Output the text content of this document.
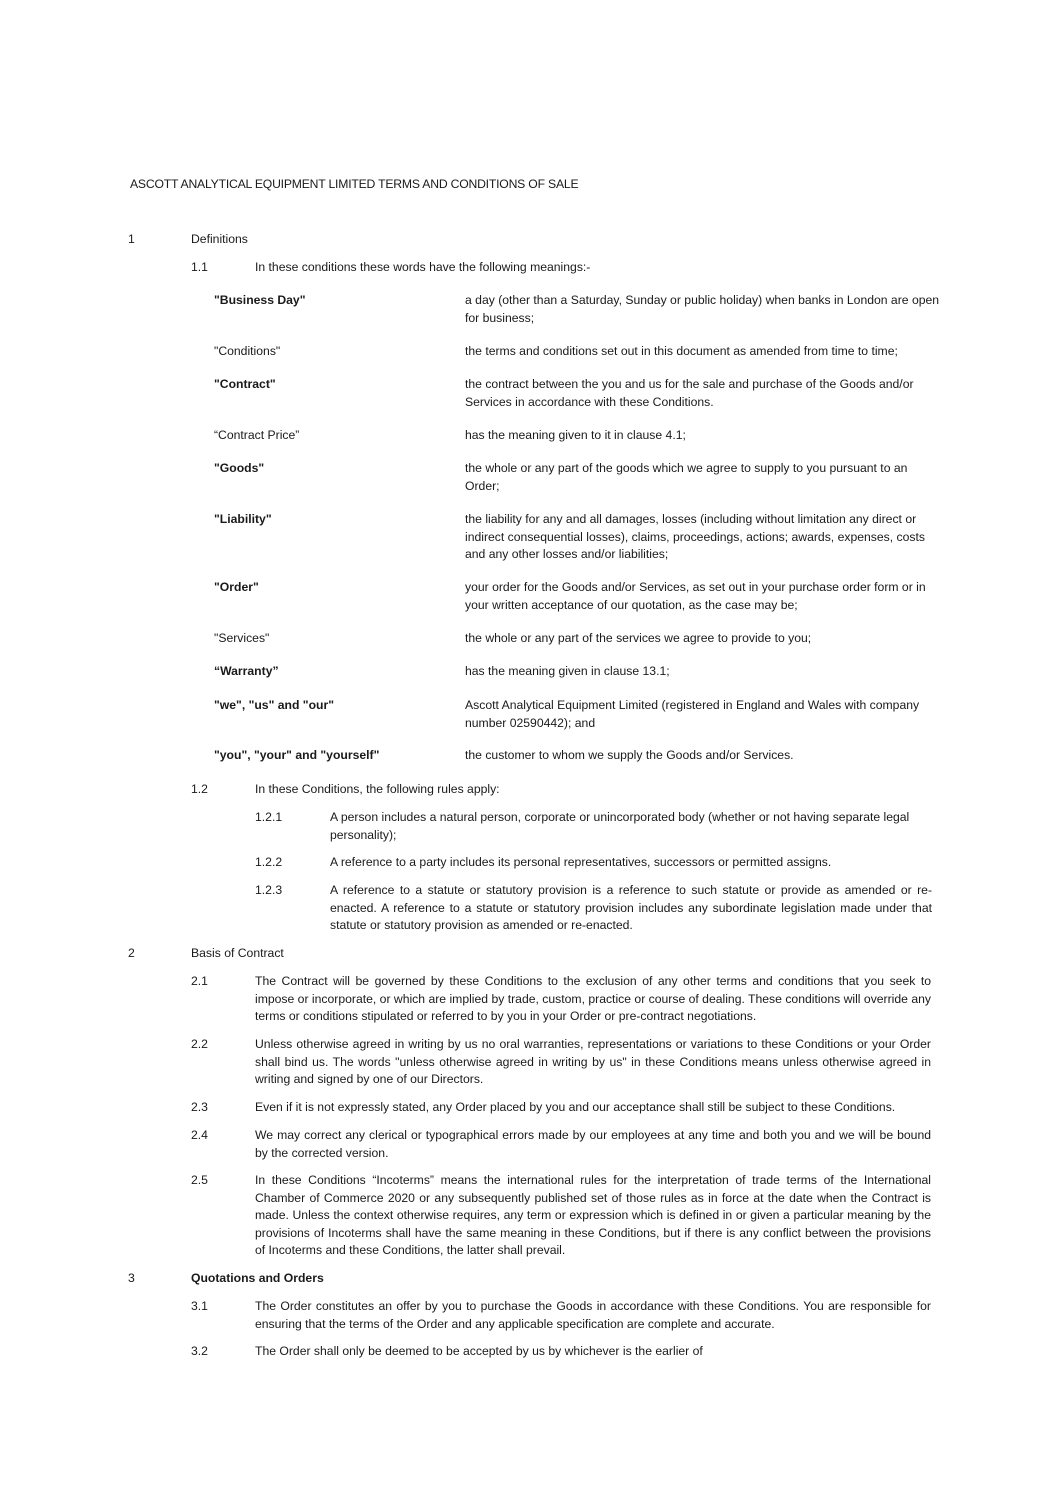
ASCOTT ANALYTICAL EQUIPMENT LIMITED TERMS AND CONDITIONS OF SALE
1	Definitions
1.1	In these conditions these words have the following meanings:-
"Business Day"	a day (other than a Saturday, Sunday or public holiday) when banks in London are open for business;
"Conditions"	the terms and conditions set out in this document as amended from time to time;
"Contract"	the contract between the you and us for the sale and purchase of the Goods and/or Services in accordance with these Conditions.
“Contract Price”	has the meaning given to it in clause 4.1;
"Goods"	the whole or any part of the goods which we agree to supply to you pursuant to an Order;
"Liability"	the liability for any and all damages, losses (including without limitation any direct or indirect consequential losses), claims, proceedings, actions; awards, expenses, costs and any other losses and/or liabilities;
"Order"	your order for the Goods and/or Services, as set out in your purchase order form or in your written acceptance of our quotation, as the case may be;
"Services"	the whole or any part of the services we agree to provide to you;
“Warranty”	has the meaning given in clause 13.1;
"we", "us" and "our"	Ascott Analytical Equipment Limited (registered in England and Wales with company number 02590442); and
"you", "your" and "yourself"	the customer to whom we supply the Goods and/or Services.
1.2	In these Conditions, the following rules apply:
1.2.1	A person includes a natural person, corporate or unincorporated body (whether or not having separate legal personality);
1.2.2	A reference to a party includes its personal representatives, successors or permitted assigns.
1.2.3	A reference to a statute or statutory provision is a reference to such statute or provide as amended or re-enacted. A reference to a statute or statutory provision includes any subordinate legislation made under that statute or statutory provision as amended or re-enacted.
2	Basis of Contract
2.1	The Contract will be governed by these Conditions to the exclusion of any other terms and conditions that you seek to impose or incorporate, or which are implied by trade, custom, practice or course of dealing. These conditions will override any terms or conditions stipulated or referred to by you in your Order or pre-contract negotiations.
2.2	Unless otherwise agreed in writing by us no oral warranties, representations or variations to these Conditions or your Order shall bind us. The words "unless otherwise agreed in writing by us" in these Conditions means unless otherwise agreed in writing and signed by one of our Directors.
2.3	Even if it is not expressly stated, any Order placed by you and our acceptance shall still be subject to these Conditions.
2.4	We may correct any clerical or typographical errors made by our employees at any time and both you and we will be bound by the corrected version.
2.5	In these Conditions “Incoterms” means the international rules for the interpretation of trade terms of the International Chamber of Commerce 2020 or any subsequently published set of those rules as in force at the date when the Contract is made. Unless the context otherwise requires, any term or expression which is defined in or given a particular meaning by the provisions of Incoterms shall have the same meaning in these Conditions, but if there is any conflict between the provisions of Incoterms and these Conditions, the latter shall prevail.
3	Quotations and Orders
3.1	The Order constitutes an offer by you to purchase the Goods in accordance with these Conditions. You are responsible for ensuring that the terms of the Order and any applicable specification are complete and accurate.
3.2	The Order shall only be deemed to be accepted by us by whichever is the earlier of
